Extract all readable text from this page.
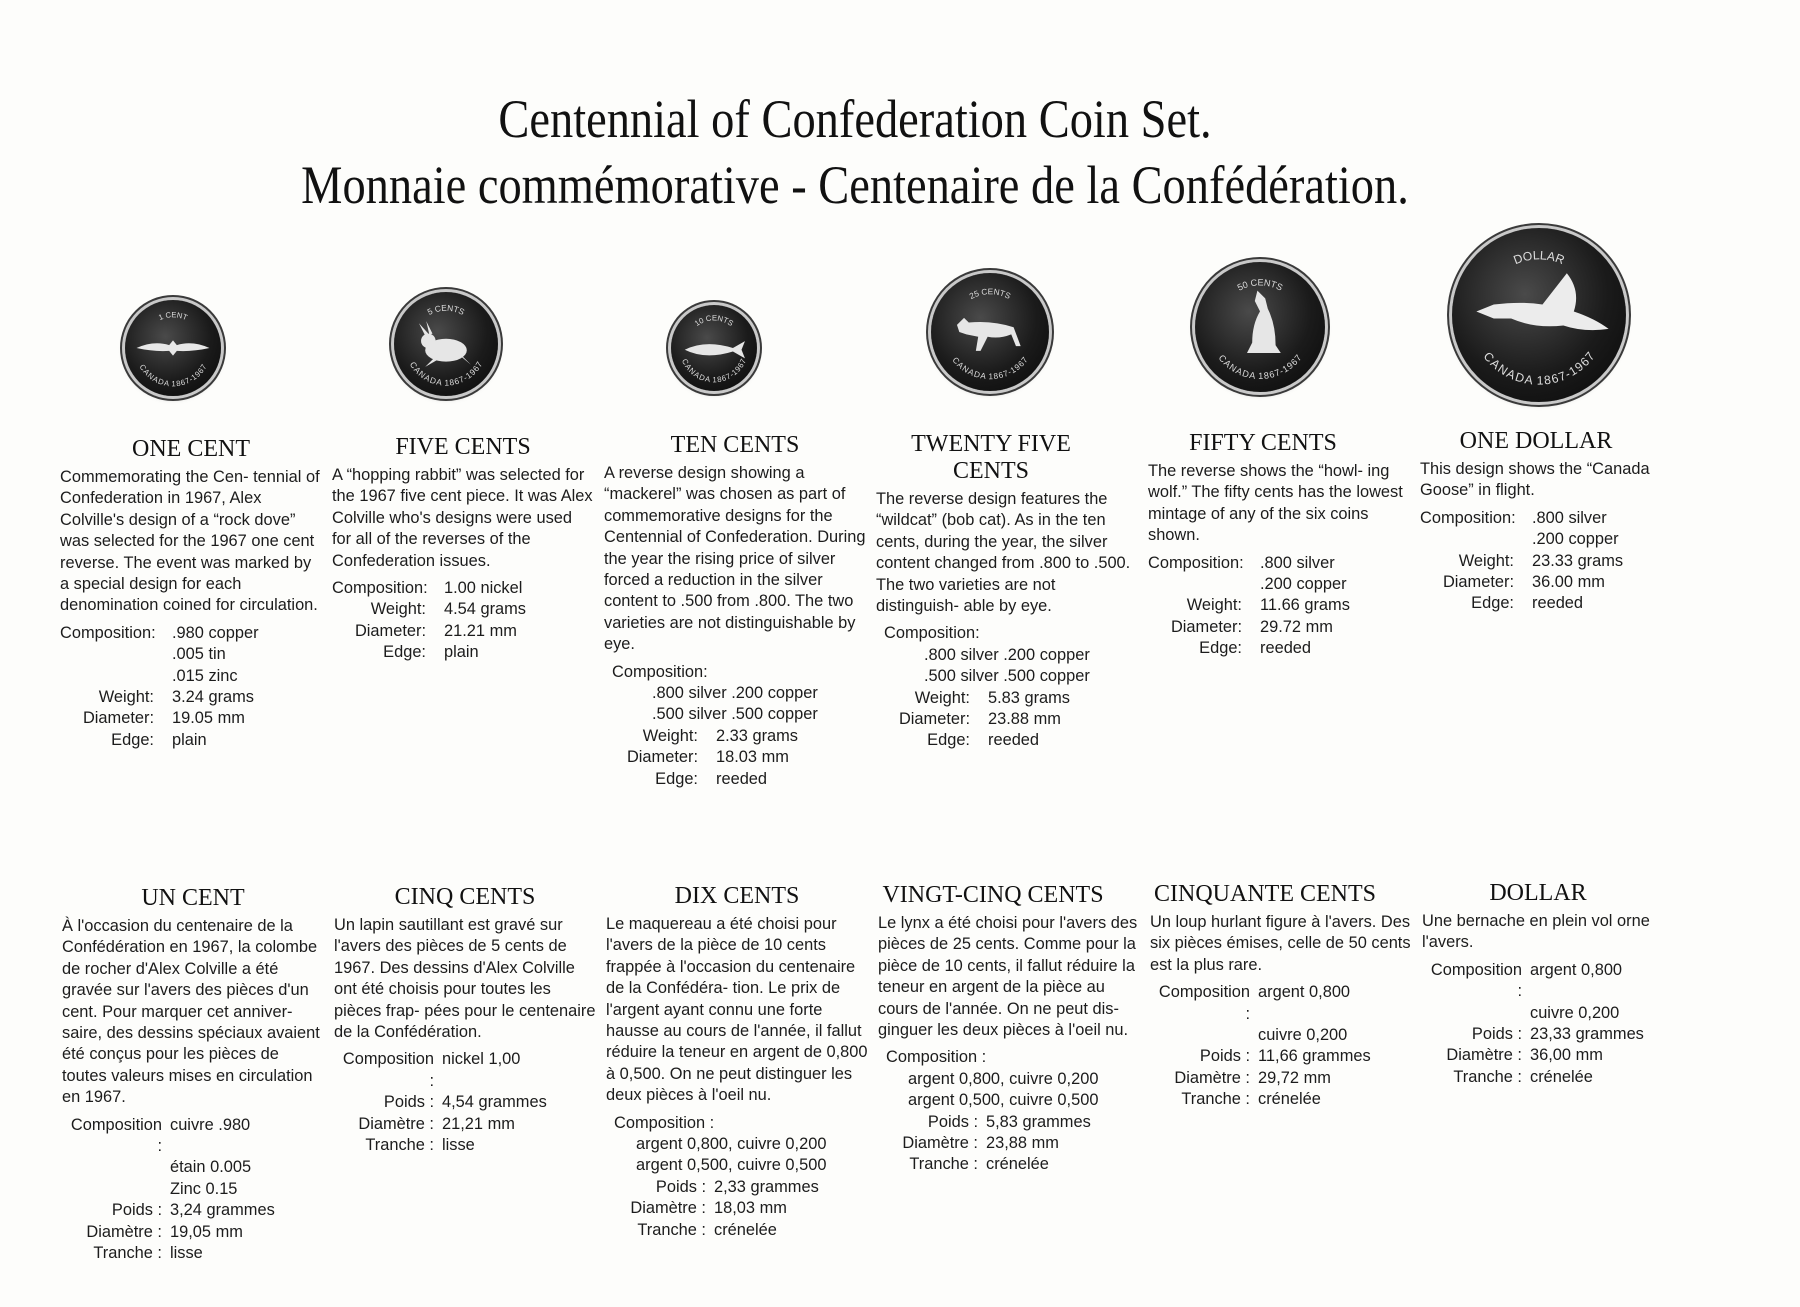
Centennial of Confederation Coin Set.
Monnaie commémorative - Centenaire de la Confédération.
1 CENT
CANADA 1867-1967
5 CENTS
CANADA 1867-1967
10 CENTS
CANADA 1867-1967
25 CENTS
CANADA 1867-1967
50 CENTS
CANADA 1867-1967
DOLLAR
CANADA 1867-1967
ONE CENT

Commemorating the Cen- tennial of Confederation in 1967, Alex Colville's design of a “rock dove” was selected for the 1967 one cent reverse. The event was marked by a special design for each denomination coined for circulation.

Composition: .980 copper
.005 tin
.015 zinc
Weight:	3.24 grams
Diameter:	19.05 mm
Edge:	plain
FIVE CENTS

A “hopping rabbit” was selected for the 1967 five cent piece. It was Alex Colville who's designs were used for all of the reverses of the Confederation issues.

Composition: 1.00 nickel
Weight:	4.54 grams
Diameter:	21.21 mm
Edge:	plain
TEN CENTS

A reverse design showing a “mackerel” was chosen as part of commemorative designs for the Centennial of Confederation. During the year the rising price of silver forced a reduction in the silver content to .500 from .800. The two varieties are not distinguishable by eye.

Composition:
.800 silver .200 copper
.500 silver .500 copper
Weight:	2.33 grams
Diameter:	18.03 mm
Edge:	reeded
TWENTY FIVE CENTS

The reverse design features the “wildcat” (bob cat). As in the ten cents, during the year, the silver content changed from .800 to .500. The two varieties are not distinguish- able by eye.

Composition:
.800 silver .200 copper
.500 silver .500 copper
Weight:	5.83 grams
Diameter:	23.88 mm
Edge:	reeded
FIFTY CENTS

The reverse shows the “howl- ing wolf.” The fifty cents has the lowest mintage of any of the six coins shown.

Composition: .800 silver
.200 copper
Weight:	11.66 grams
Diameter:	29.72 mm
Edge:	reeded
ONE DOLLAR

This design shows the “Canada Goose” in flight.

Composition: .800 silver
.200 copper
Weight:	23.33 grams
Diameter:	36.00 mm
Edge:	reeded
UN CENT

À l'occasion du centenaire de la Confédération en 1967, la colombe de rocher d'Alex Colville a été gravée sur l'avers des pièces d'un cent. Pour marquer cet anniver- saire, des dessins spéciaux avaient été conçus pour les pièces de toutes valeurs mises en circulation en 1967.

Composition :
cuivre .980
étain 0.005
Zinc 0.15
Poids : 3,24 grammes
Diamètre : 19,05 mm
Tranche : lisse
CINQ CENTS

Un lapin sautillant est gravé sur l'avers des pièces de 5 cents de 1967. Des dessins d'Alex Colville ont été choisis pour toutes les pièces frap- pées pour le centenaire de la Confédération.

Composition :
nickel 1,00
Poids : 4,54 grammes
Diamètre : 21,21 mm
Tranche : lisse
DIX CENTS

Le maquereau a été choisi pour l'avers de la pièce de 10 cents frappée à l'occasion du centenaire de la Confédéra- tion. Le prix de l'argent ayant connu une forte hausse au cours de l'année, il fallut réduire la teneur en argent de 0,800 à 0,500. On ne peut distinguer les deux pièces à l'oeil nu.

Composition :
argent 0,800, cuivre 0,200
argent 0,500, cuivre 0,500
Poids : 2,33 grammes
Diamètre : 18,03 mm
Tranche : crénelée
VINGT-CINQ CENTS

Le lynx a été choisi pour l'avers des pièces de 25 cents. Comme pour la pièce de 10 cents, il fallut réduire la teneur en argent de la pièce au cours de l'année. On ne peut dis- ginguer les deux pièces à l'oeil nu.

Composition :
argent 0,800, cuivre 0,200
argent 0,500, cuivre 0,500
Poids : 5,83 grammes
Diamètre : 23,88 mm
Tranche : crénelée
CINQUANTE CENTS

Un loup hurlant figure à l'avers. Des six pièces émises, celle de 50 cents est la plus rare.

Composition :
argent 0,800
cuivre 0,200
Poids : 11,66 grammes
Diamètre : 29,72 mm
Tranche : crénelée
DOLLAR

Une bernache en plein vol orne l'avers.

Composition :
argent 0,800
cuivre 0,200
Poids : 23,33 grammes
Diamètre : 36,00 mm
Tranche : crénelée
